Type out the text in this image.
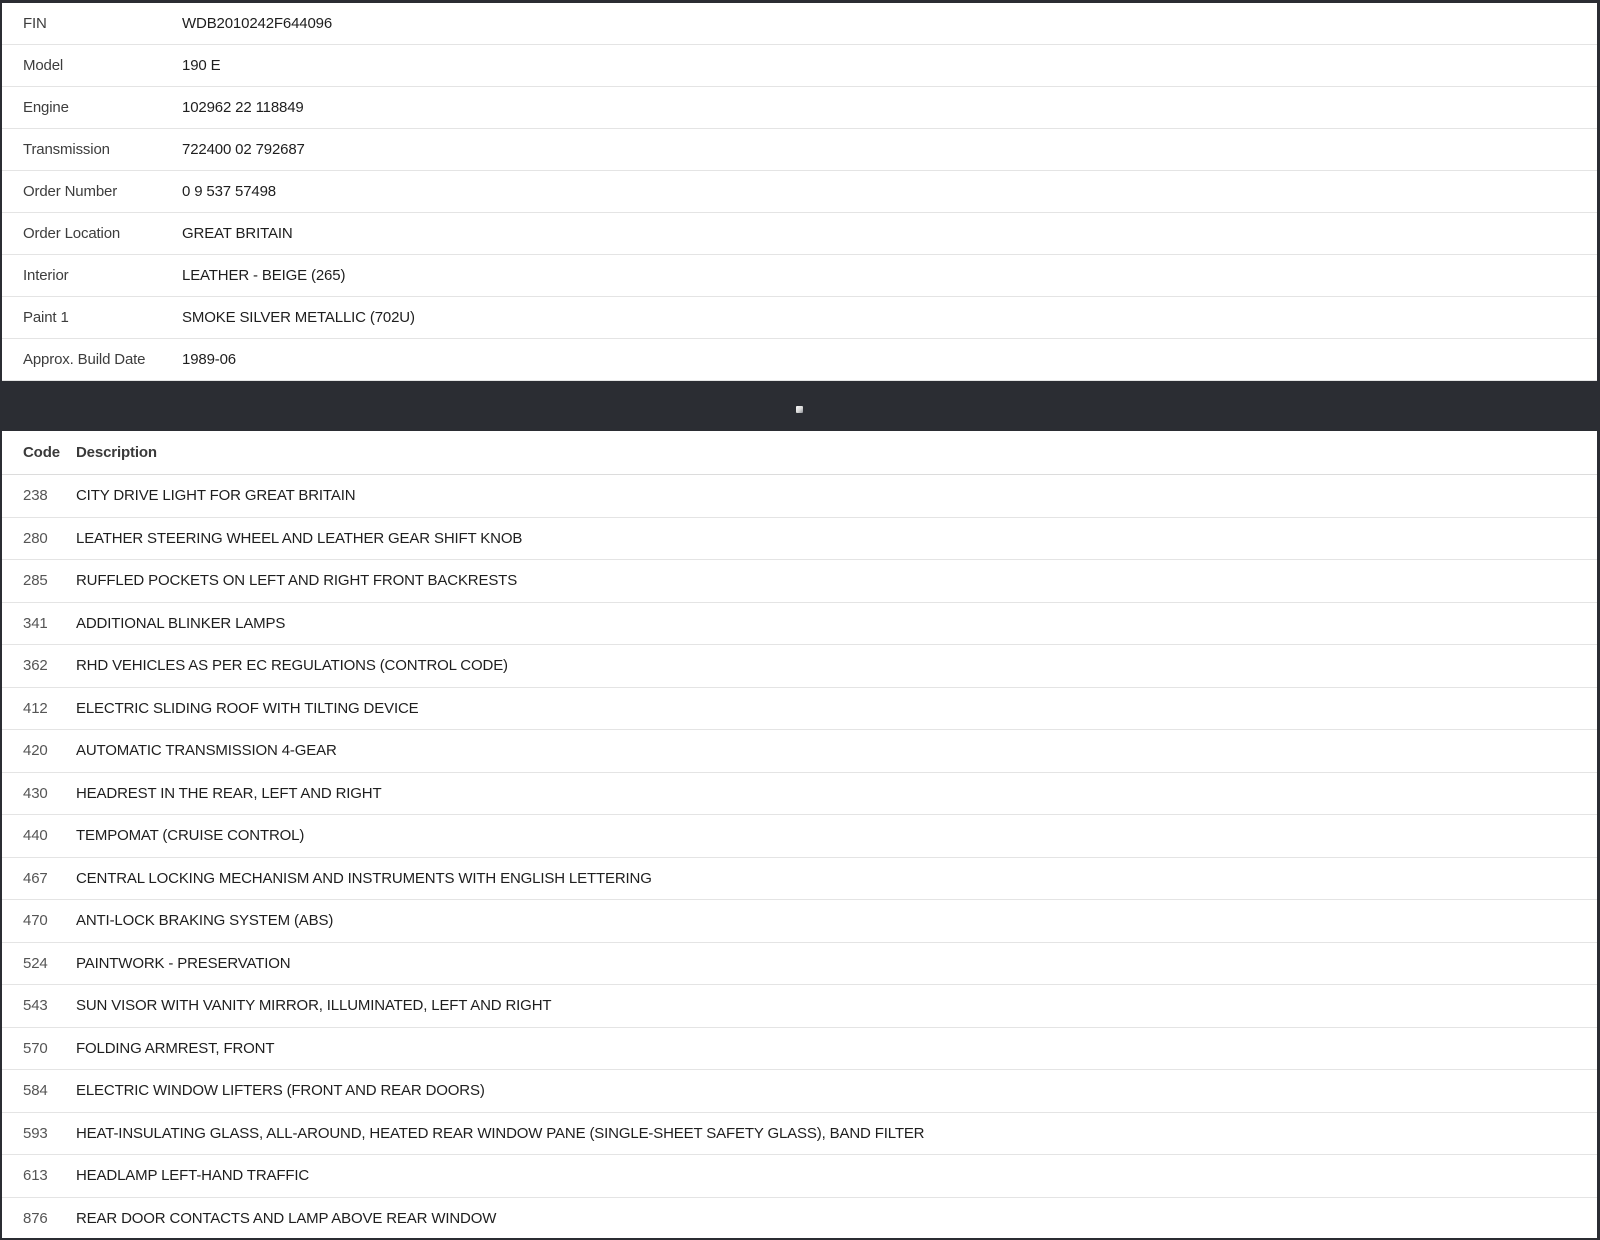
FIN	WDB2010242F644096
Model	190 E
Engine	102962 22 118849
Transmission	722400 02 792687
Order Number	0 9 537 57498
Order Location	GREAT BRITAIN
Interior	LEATHER - BEIGE (265)
Paint 1	SMOKE SILVER METALLIC (702U)
Approx. Build Date	1989-06
Code	Description
238	CITY DRIVE LIGHT FOR GREAT BRITAIN
280	LEATHER STEERING WHEEL AND LEATHER GEAR SHIFT KNOB
285	RUFFLED POCKETS ON LEFT AND RIGHT FRONT BACKRESTS
341	ADDITIONAL BLINKER LAMPS
362	RHD VEHICLES AS PER EC REGULATIONS (CONTROL CODE)
412	ELECTRIC SLIDING ROOF WITH TILTING DEVICE
420	AUTOMATIC TRANSMISSION 4-GEAR
430	HEADREST IN THE REAR, LEFT AND RIGHT
440	TEMPOMAT (CRUISE CONTROL)
467	CENTRAL LOCKING MECHANISM AND INSTRUMENTS WITH ENGLISH LETTERING
470	ANTI-LOCK BRAKING SYSTEM (ABS)
524	PAINTWORK - PRESERVATION
543	SUN VISOR WITH VANITY MIRROR, ILLUMINATED, LEFT AND RIGHT
570	FOLDING ARMREST, FRONT
584	ELECTRIC WINDOW LIFTERS (FRONT AND REAR DOORS)
593	HEAT-INSULATING GLASS, ALL-AROUND, HEATED REAR WINDOW PANE (SINGLE-SHEET SAFETY GLASS), BAND FILTER
613	HEADLAMP LEFT-HAND TRAFFIC
876	REAR DOOR CONTACTS AND LAMP ABOVE REAR WINDOW
